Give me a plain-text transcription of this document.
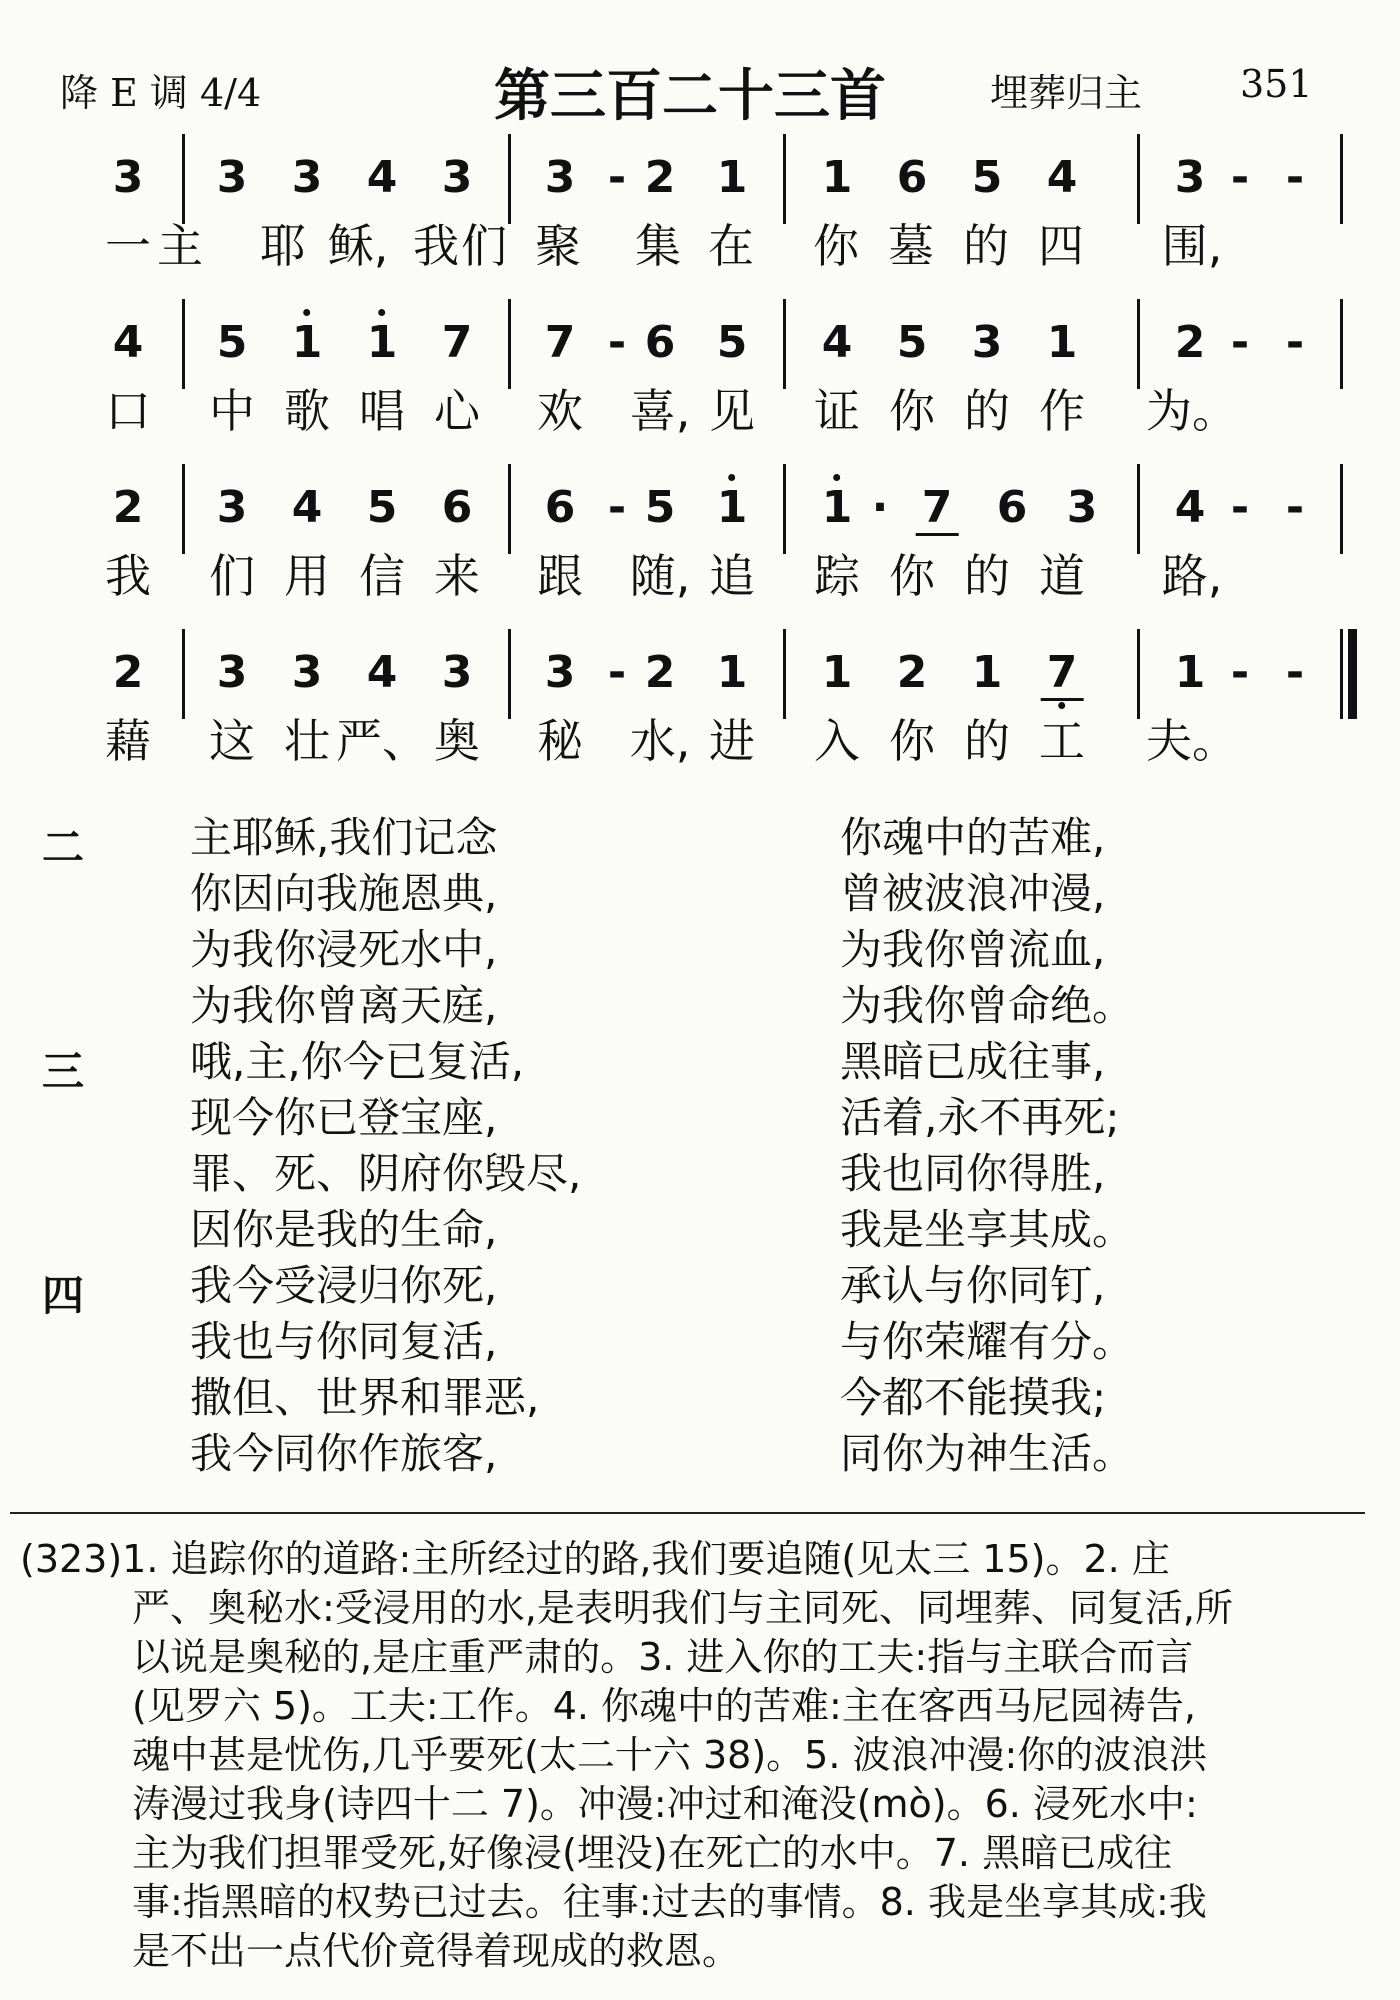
降 E 调 4/4	第三百二十三首	埋葬归主	351
3 3 3 4 3 3 - 2 1 1 6 5 4 3 - -
一 主 耶 稣, 我 们 聚 集 在 你 墓 的 四 围,
4 5 1 1 7 7 - 6 5 4 5 3 1 2 - -
口 中 歌 唱 心 欢 喜, 见 证 你 的 作 为。
2 3 4 5 6 6 - 5 1 1 · 7 6 3 4 - -
我 们 用 信 来 跟 随, 追 踪 你 的 道 路,
2 3 3 4 3 3 - 2 1 1 2 1 7 1 - -
藉 这 壮 严、 奥 秘 水, 进 入 你 的 工 夫。
二	主耶稣,我们记念	你魂中的苦难,
你因向我施恩典,	曾被波浪冲漫,
为我你浸死水中,	为我你曾流血,
为我你曾离天庭,	为我你曾命绝。
三	哦,主,你今已复活,	黑暗已成往事,
现今你已登宝座,	活着,永不再死;
罪、死、阴府你毁尽,	我也同你得胜,
因你是我的生命,	我是坐享其成。
四	我今受浸归你死,	承认与你同钉,
我也与你同复活,	与你荣耀有分。
撒但、世界和罪恶,	今都不能摸我;
我今同你作旅客,	同你为神生活。
(323)1. 追踪你的道路:主所经过的路,我们要追随(见太三 15)。2. 庄
严、奥秘水:受浸用的水,是表明我们与主同死、同埋葬、同复活,所
以说是奥秘的,是庄重严肃的。3. 进入你的工夫:指与主联合而言
(见罗六 5)。工夫:工作。4. 你魂中的苦难:主在客西马尼园祷告,
魂中甚是忧伤,几乎要死(太二十六 38)。5. 波浪冲漫:你的波浪洪
涛漫过我身(诗四十二 7)。冲漫:冲过和淹没(mò)。6. 浸死水中:
主为我们担罪受死,好像浸(埋没)在死亡的水中。7. 黑暗已成往
事:指黑暗的权势已过去。往事:过去的事情。8. 我是坐享其成:我
是不出一点代价竟得着现成的救恩。
